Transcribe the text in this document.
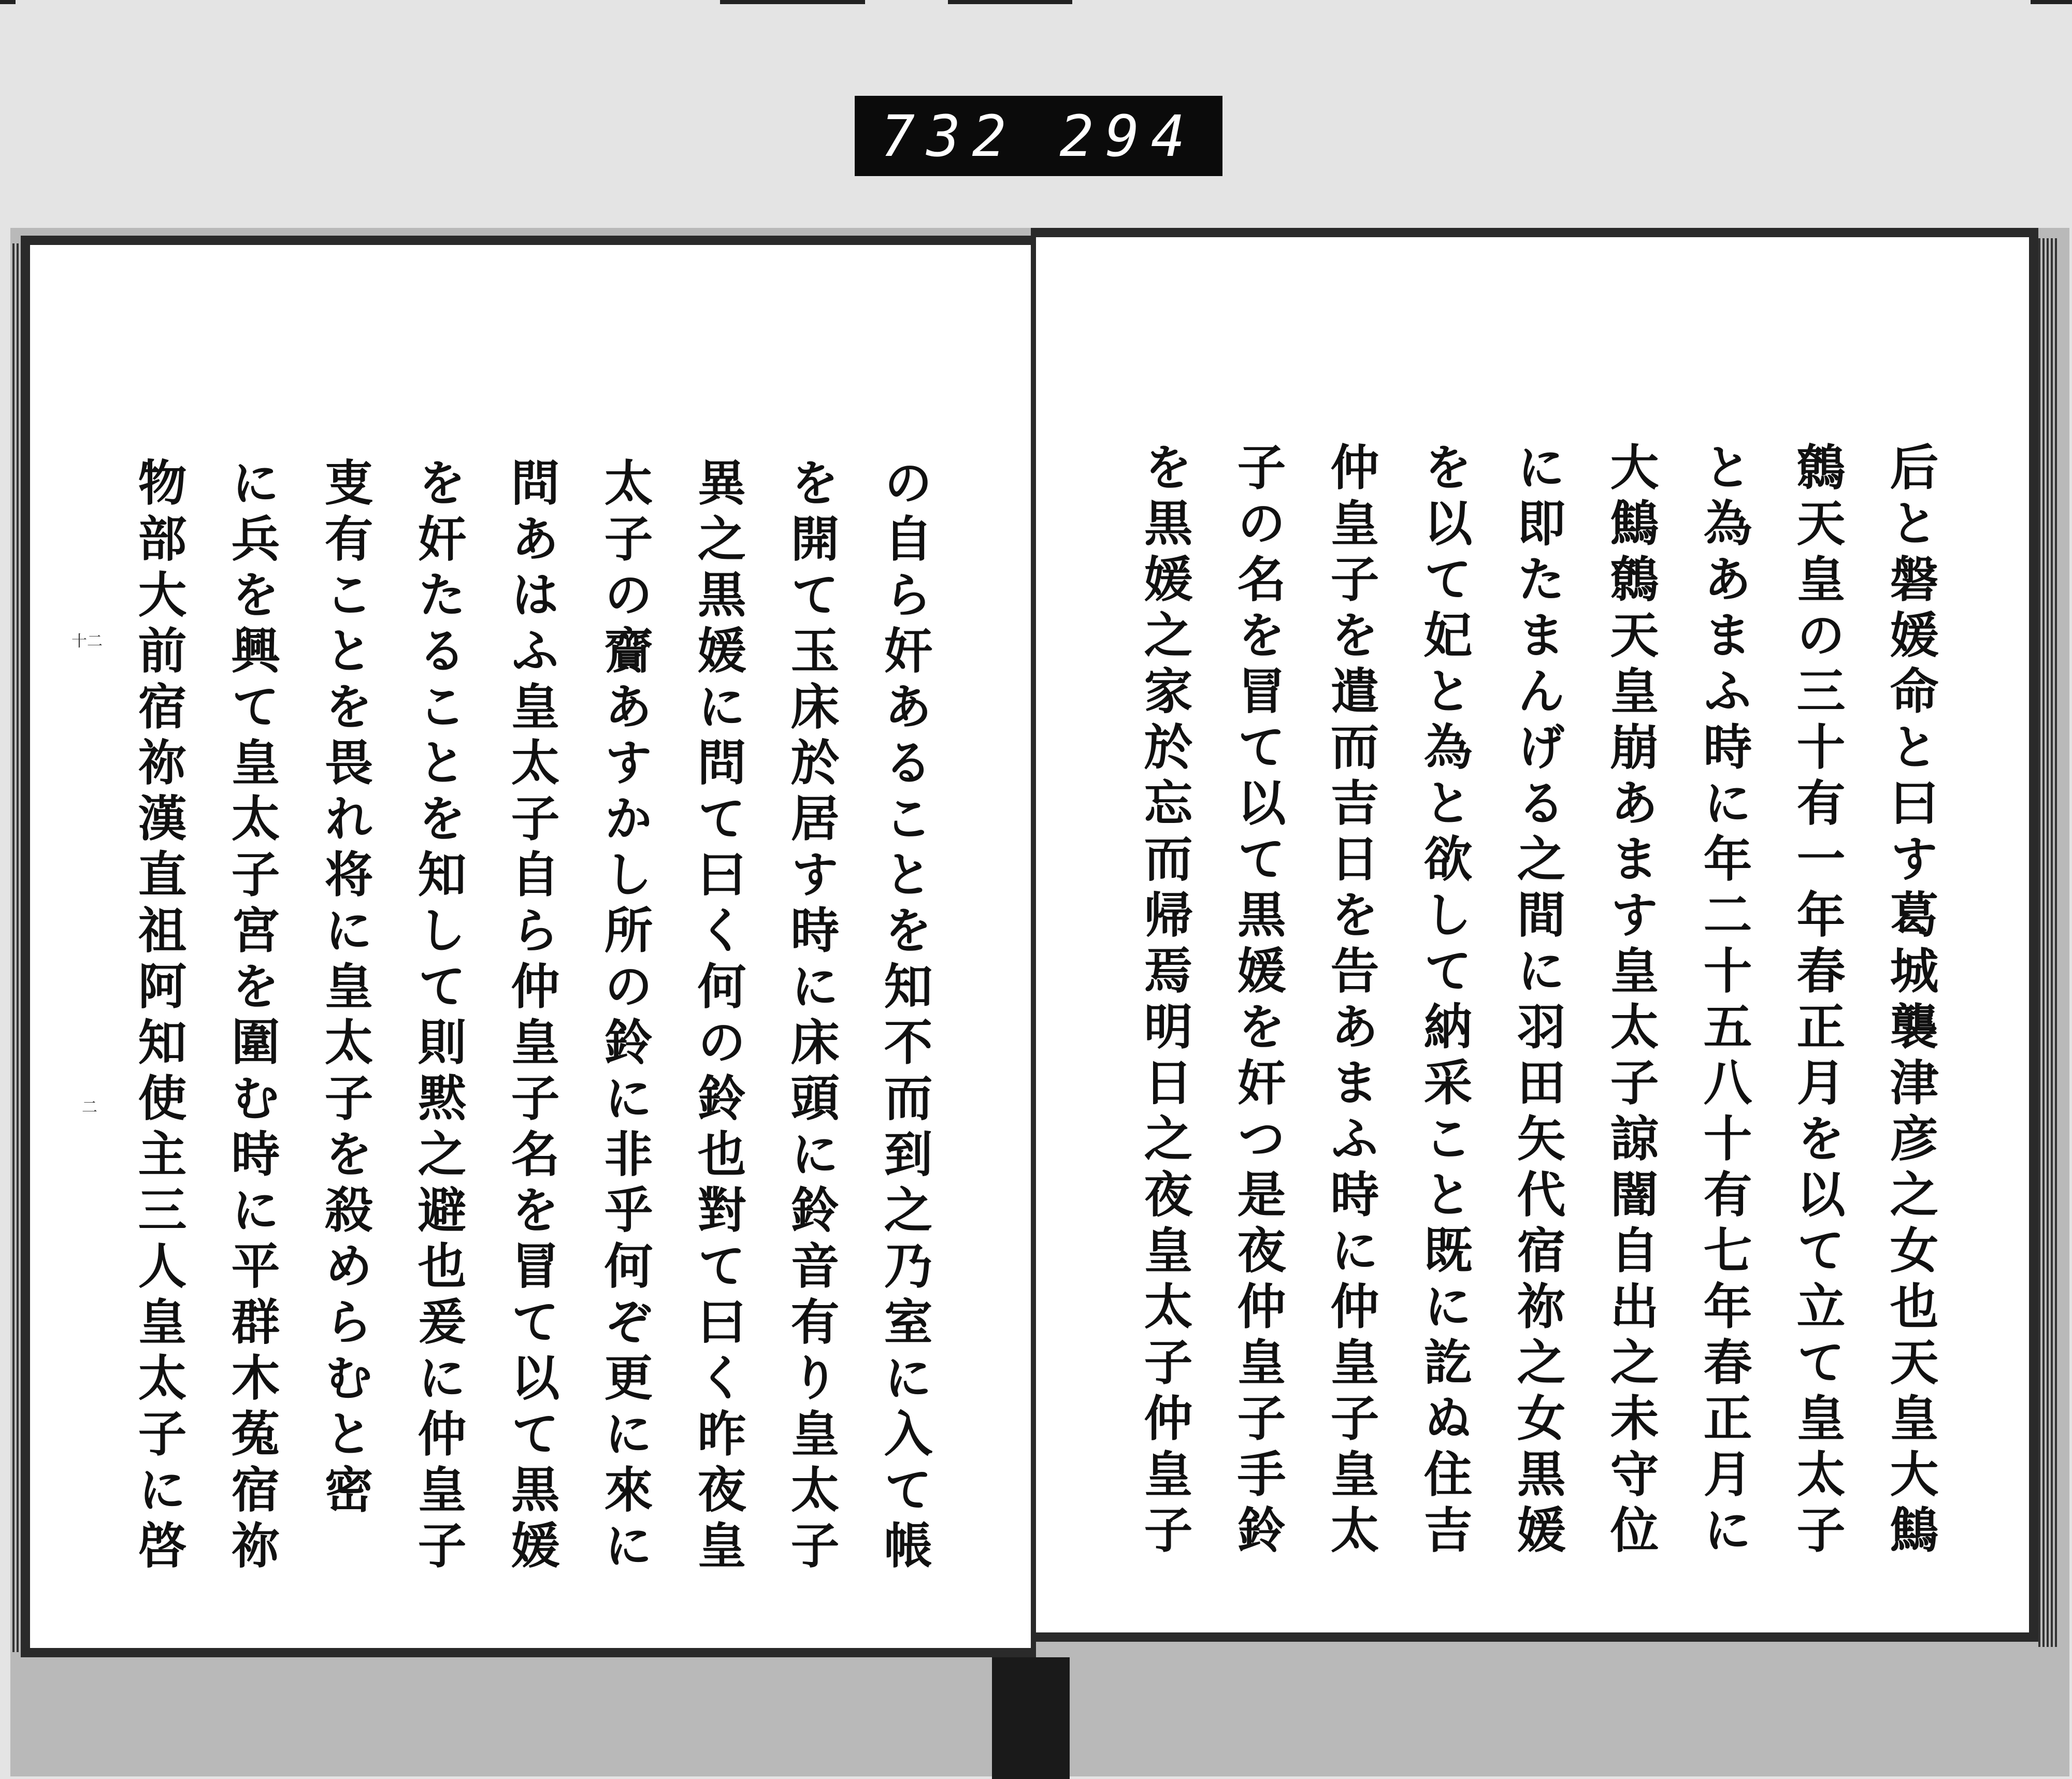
732 294
十二
二	の自ら奸あることを知不而到之乃室に入て帳
を開て玉床於居す時に床頭に鈴音有り皇太子
異之黒媛に問て曰く何の鈴也對て曰く昨夜皇
太子の齎あすかし所の鈴に非乎何ぞ更に來に
問あはふ皇太子自ら仲皇子名を冒て以て黒媛
を奸たることを知して則黙之避也爰に仲皇子
叓有ことを畏れ将に皇太子を殺めらむと密
に兵を興て皇太子宮を圍む時に平群木菟宿祢
物部大前宿祢漢直祖阿知使主三人皇太子に啓	后と磐媛命と曰す葛城襲津彦之女也天皇大鷦
鷯天皇の三十有一年春正月を以て立て皇太子
と為あまふ時に年二十五八十有七年春正月に
大鷦鷯天皇崩あます皇太子諒闇自出之未守位
に即たまんげる之間に羽田矢代宿祢之女黒媛
を以て妃と為と欲して納采こと既に訖ぬ住吉
仲皇子を遣而吉日を告あまふ時に仲皇子皇太
子の名を冒て以て黒媛を奸つ是夜仲皇子手鈴
を黒媛之家於忘而帰焉明日之夜皇太子仲皇子
